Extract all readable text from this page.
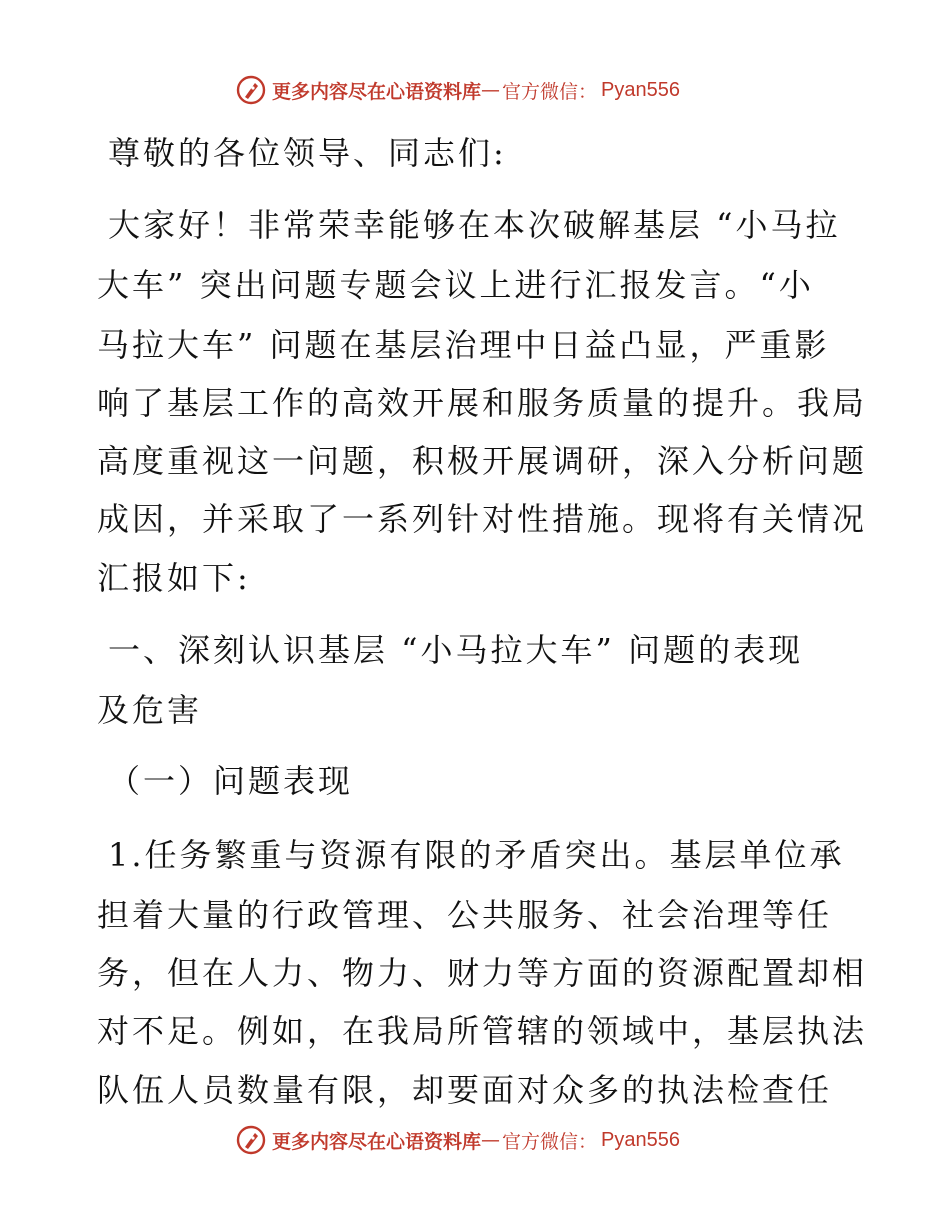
更多内容尽在心语资料库 — 官方微信： Pyan556
尊敬的各位领导、同志们:
大家好！非常荣幸能够在本次破解基层 “小马拉
大车” 突出问题专题会议上进行汇报发言。“小
马拉大车” 问题在基层治理中日益凸显，严重影
响了基层工作的高效开展和服务质量的提升。我局
高度重视这一问题，积极开展调研，深入分析问题
成因，并采取了一系列针对性措施。现将有关情况
汇报如下:
一、深刻认识基层 “小马拉大车” 问题的表现
及危害
（一）问题表现
1.任务繁重与资源有限的矛盾突出。基层单位承
担着大量的行政管理、公共服务、社会治理等任
务，但在人力、物力、财力等方面的资源配置却相
对不足。例如，在我局所管辖的领域中，基层执法
队伍人员数量有限，却要面对众多的执法检查任
更多内容尽在心语资料库 — 官方微信： Pyan556
